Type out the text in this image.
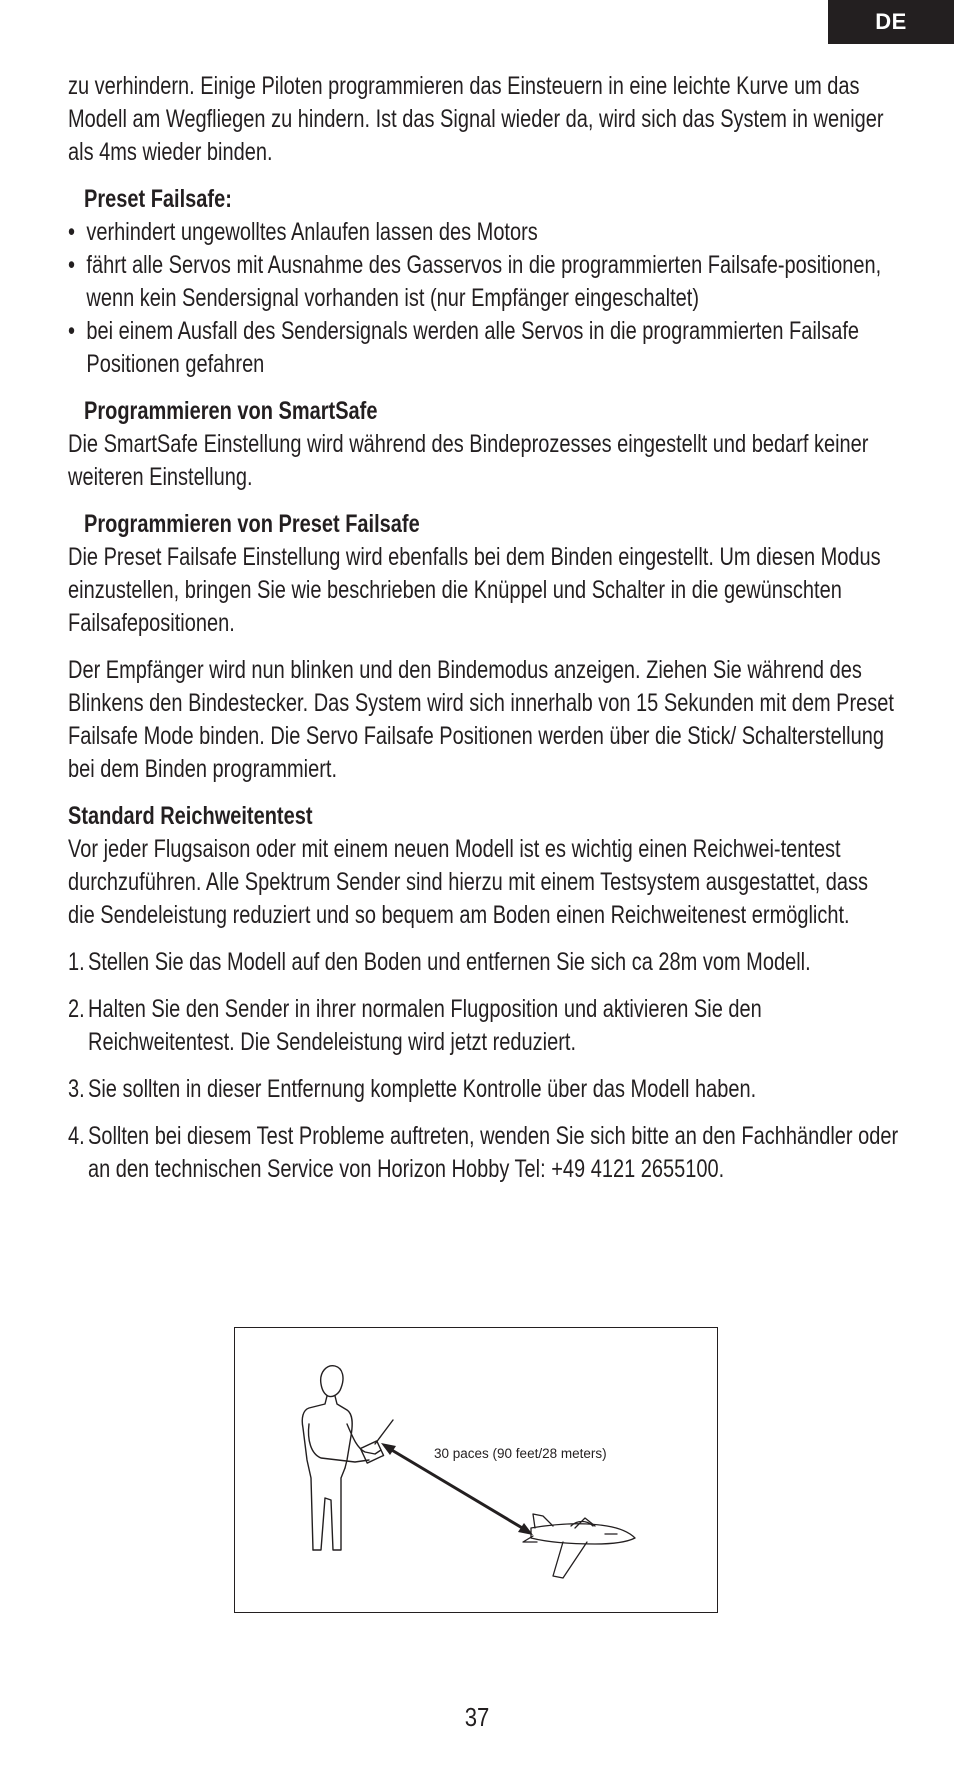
DE

zu verhindern. Einige Piloten programmieren das Einsteuern in eine leichte Kurve um das Modell am Wegfliegen zu hindern. Ist das Signal wieder da, wird sich das System in weniger als 4ms wieder binden.

Preset Failsafe:

• verhindert ungewolltes Anlaufen lassen des Motors
• fährt alle Servos mit Ausnahme des Gasservos in die programmierten Failsafe-positionen, wenn kein Sendersignal vorhanden ist (nur Empfänger eingeschaltet)
• bei einem Ausfall des Sendersignals werden alle Servos in die programmierten Failsafe Positionen gefahren

Programmieren von SmartSafe

Die SmartSafe Einstellung wird während des Bindeprozesses eingestellt und bedarf keiner weiteren Einstellung.

Programmieren von Preset Failsafe

Die Preset Failsafe Einstellung wird ebenfalls bei dem Binden eingestellt. Um diesen Modus einzustellen, bringen Sie wie beschrieben die Knüppel und Schalter in die gewünschten Failsafepositionen.

Der Empfänger wird nun blinken und den Bindemodus anzeigen. Ziehen Sie während des Blinkens den Bindestecker. Das System wird sich innerhalb von 15 Sekunden mit dem Preset Failsafe Mode binden. Die Servo Failsafe Positionen werden über die Stick/ Schalterstellung bei dem Binden programmiert.

Standard Reichweitentest

Vor jeder Flugsaison oder mit einem neuen Modell ist es wichtig einen Reichwei-tentest durchzuführen. Alle Spektrum Sender sind hierzu mit einem Testsystem ausgestattet, dass die Sendeleistung reduziert und so bequem am Boden einen Reichweitenest ermöglicht.

1. Stellen Sie das Modell auf den Boden und entfernen Sie sich ca 28m vom Modell.
2. Halten Sie den Sender in ihrer normalen Flugposition und aktivieren Sie den Reichweitentest. Die Sendeleistung wird jetzt reduziert.
3. Sie sollten in dieser Entfernung komplette Kontrolle über das Modell haben.
4. Sollten bei diesem Test Probleme auftreten, wenden Sie sich bitte an den Fachhändler oder an den technischen Service von Horizon Hobby Tel: +49 4121 2655100.
30 paces (90 feet/28 meters)
37
